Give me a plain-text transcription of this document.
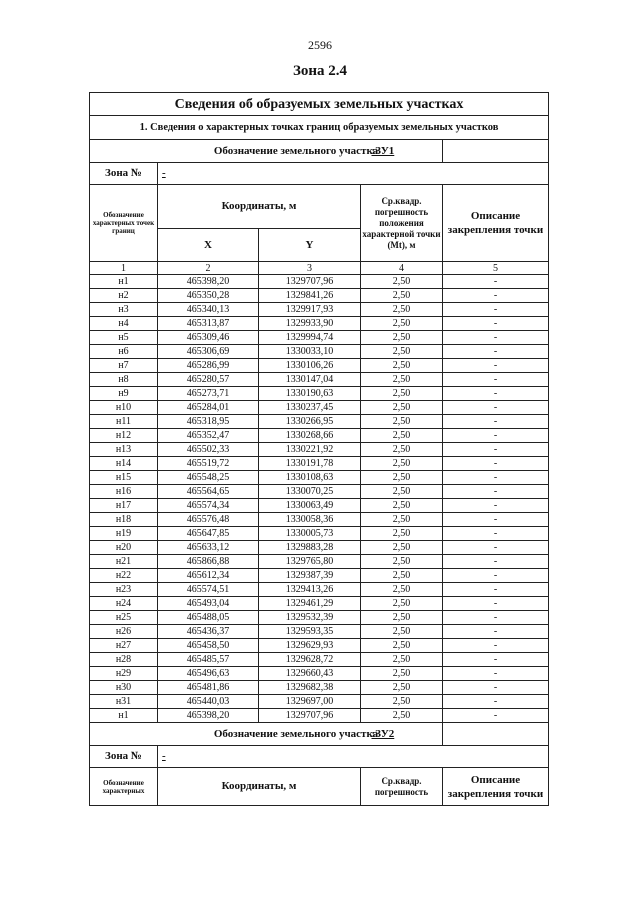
2596
Зона 2.4
Сведения об образуемых земельных участках				
1. Сведения о характерных точках границ образуемых земельных участков				
Обозначение земельного участка
:ЗУ1				

Зона №	-			
Обозначение характерных точек границ	Координаты, м		Ср.квадр. погрешность положения характерной точки (Mt), м	Описание закрепления точки
	X	Y		
1	2	3	4	5
н1	465398,20	1329707,96	2,50	-
н2	465350,28	1329841,26	2,50	-
н3	465340,13	1329917,93	2,50	-
н4	465313,87	1329933,90	2,50	-
н5	465309,46	1329994,74	2,50	-
н6	465306,69	1330033,10	2,50	-
н7	465286,99	1330106,26	2,50	-
н8	465280,57	1330147,04	2,50	-
н9	465273,71	1330190,63	2,50	-
н10	465284,01	1330237,45	2,50	-
н11	465318,95	1330266,95	2,50	-
н12	465352,47	1330268,66	2,50	-
н13	465502,33	1330221,92	2,50	-
н14	465519,72	1330191,78	2,50	-
н15	465548,25	1330108,63	2,50	-
н16	465564,65	1330070,25	2,50	-
н17	465574,34	1330063,49	2,50	-
н18	465576,48	1330058,36	2,50	-
н19	465647,85	1330005,73	2,50	-
н20	465633,12	1329883,28	2,50	-
н21	465866,88	1329765,80	2,50	-
н22	465612,34	1329387,39	2,50	-
н23	465574,51	1329413,26	2,50	-
н24	465493,04	1329461,29	2,50	-
н25	465488,05	1329532,39	2,50	-
н26	465436,37	1329593,35	2,50	-
н27	465458,50	1329629,93	2,50	-
н28	465485,57	1329628,72	2,50	-
н29	465496,63	1329660,43	2,50	-
н30	465481,86	1329682,38	2,50	-
н31	465440,03	1329697,00	2,50	-
н1	465398,20	1329707,96	2,50	-
Обозначение земельного участка
:ЗУ2				

Зона №	-			
Обозначение характерных	Координаты, м		Ср.квадр. погрешность	Описание закрепления точки
